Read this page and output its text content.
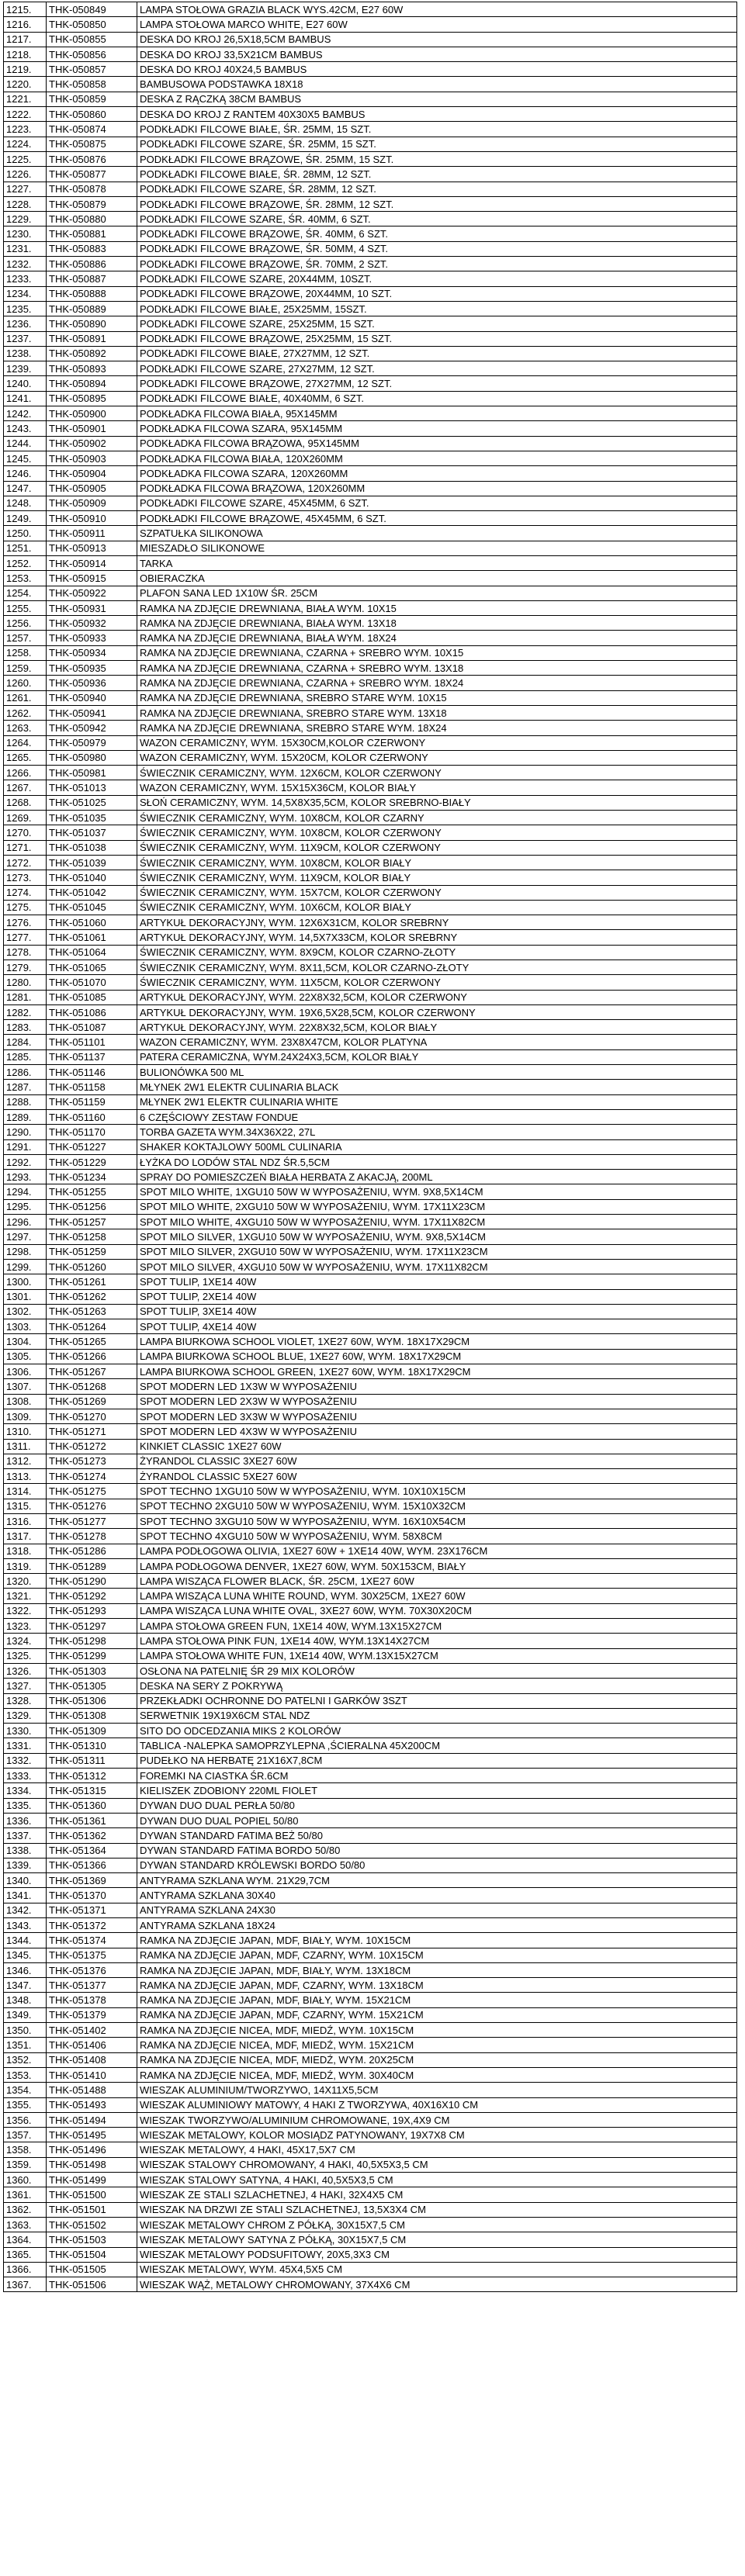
1215.	THK-050849	LAMPA STOŁOWA GRAZIA BLACK WYS.42CM, E27 60W
1216.	THK-050850	LAMPA STOŁOWA MARCO WHITE, E27 60W
1217.	THK-050855	DESKA DO KROJ 26,5X18,5CM BAMBUS
1218.	THK-050856	DESKA DO KROJ 33,5X21CM BAMBUS
1219.	THK-050857	DESKA DO KROJ 40X24,5 BAMBUS
1220.	THK-050858	BAMBUSOWA PODSTAWKA 18X18
1221.	THK-050859	DESKA Z RĄCZKĄ 38CM BAMBUS
1222.	THK-050860	DESKA DO KROJ Z RANTEM 40X30X5 BAMBUS
1223.	THK-050874	PODKŁADKI FILCOWE BIAŁE, ŚR. 25MM, 15 SZT.
1224.	THK-050875	PODKŁADKI FILCOWE SZARE, ŚR. 25MM, 15 SZT.
1225.	THK-050876	PODKŁADKI FILCOWE BRĄZOWE, ŚR. 25MM, 15 SZT.
1226.	THK-050877	PODKŁADKI FILCOWE BIAŁE, ŚR. 28MM, 12 SZT.
1227.	THK-050878	PODKŁADKI FILCOWE SZARE, ŚR. 28MM, 12 SZT.
1228.	THK-050879	PODKŁADKI FILCOWE BRĄZOWE, ŚR. 28MM, 12 SZT.
1229.	THK-050880	PODKŁADKI FILCOWE SZARE, ŚR. 40MM, 6 SZT.
1230.	THK-050881	PODKŁADKI FILCOWE BRĄZOWE, ŚR. 40MM, 6 SZT.
1231.	THK-050883	PODKŁADKI FILCOWE BRĄZOWE, ŚR. 50MM, 4 SZT.
1232.	THK-050886	PODKŁADKI FILCOWE BRĄZOWE, ŚR. 70MM, 2 SZT.
1233.	THK-050887	PODKŁADKI FILCOWE SZARE, 20X44MM, 10SZT.
1234.	THK-050888	PODKŁADKI FILCOWE BRĄZOWE, 20X44MM, 10 SZT.
1235.	THK-050889	PODKŁADKI FILCOWE BIAŁE, 25X25MM, 15SZT.
1236.	THK-050890	PODKŁADKI FILCOWE SZARE, 25X25MM, 15 SZT.
1237.	THK-050891	PODKŁADKI FILCOWE BRĄZOWE, 25X25MM, 15 SZT.
1238.	THK-050892	PODKŁADKI FILCOWE BIAŁE, 27X27MM, 12 SZT.
1239.	THK-050893	PODKŁADKI FILCOWE SZARE, 27X27MM, 12 SZT.
1240.	THK-050894	PODKŁADKI FILCOWE BRĄZOWE, 27X27MM, 12 SZT.
1241.	THK-050895	PODKŁADKI FILCOWE BIAŁE, 40X40MM, 6 SZT.
1242.	THK-050900	PODKŁADKA FILCOWA BIAŁA, 95X145MM
1243.	THK-050901	PODKŁADKA FILCOWA SZARA, 95X145MM
1244.	THK-050902	PODKŁADKA FILCOWA BRĄZOWA, 95X145MM
1245.	THK-050903	PODKŁADKA FILCOWA BIAŁA, 120X260MM
1246.	THK-050904	PODKŁADKA FILCOWA SZARA, 120X260MM
1247.	THK-050905	PODKŁADKA FILCOWA BRĄZOWA, 120X260MM
1248.	THK-050909	PODKŁADKI FILCOWE SZARE, 45X45MM, 6 SZT.
1249.	THK-050910	PODKŁADKI FILCOWE BRĄZOWE, 45X45MM, 6 SZT.
1250.	THK-050911	SZPATUŁKA SILIKONOWA
1251.	THK-050913	MIESZADŁO SILIKONOWE
1252.	THK-050914	TARKA
1253.	THK-050915	OBIERACZKA
1254.	THK-050922	PLAFON SANA LED 1X10W ŚR. 25CM
1255.	THK-050931	RAMKA NA ZDJĘCIE DREWNIANA, BIAŁA WYM. 10X15
1256.	THK-050932	RAMKA NA ZDJĘCIE DREWNIANA, BIAŁA WYM. 13X18
1257.	THK-050933	RAMKA NA ZDJĘCIE DREWNIANA, BIAŁA WYM. 18X24
1258.	THK-050934	RAMKA NA ZDJĘCIE DREWNIANA, CZARNA + SREBRO WYM. 10X15
1259.	THK-050935	RAMKA NA ZDJĘCIE DREWNIANA, CZARNA + SREBRO WYM. 13X18
1260.	THK-050936	RAMKA NA ZDJĘCIE DREWNIANA, CZARNA + SREBRO WYM. 18X24
1261.	THK-050940	RAMKA NA ZDJĘCIE DREWNIANA, SREBRO STARE WYM. 10X15
1262.	THK-050941	RAMKA NA ZDJĘCIE DREWNIANA, SREBRO STARE WYM. 13X18
1263.	THK-050942	RAMKA NA ZDJĘCIE DREWNIANA, SREBRO STARE WYM. 18X24
1264.	THK-050979	WAZON CERAMICZNY, WYM. 15X30CM,KOLOR CZERWONY
1265.	THK-050980	WAZON CERAMICZNY, WYM. 15X20CM, KOLOR CZERWONY
1266.	THK-050981	ŚWIECZNIK CERAMICZNY, WYM. 12X6CM, KOLOR CZERWONY
1267.	THK-051013	WAZON CERAMICZNY, WYM. 15X15X36CM, KOLOR BIAŁY
1268.	THK-051025	SŁOŃ CERAMICZNY, WYM. 14,5X8X35,5CM, KOLOR SREBRNO-BIAŁY
1269.	THK-051035	ŚWIECZNIK CERAMICZNY, WYM. 10X8CM, KOLOR CZARNY
1270.	THK-051037	ŚWIECZNIK CERAMICZNY, WYM. 10X8CM, KOLOR CZERWONY
1271.	THK-051038	ŚWIECZNIK CERAMICZNY, WYM. 11X9CM, KOLOR CZERWONY
1272.	THK-051039	ŚWIECZNIK CERAMICZNY, WYM. 10X8CM, KOLOR BIAŁY
1273.	THK-051040	ŚWIECZNIK CERAMICZNY, WYM. 11X9CM, KOLOR BIAŁY
1274.	THK-051042	ŚWIECZNIK CERAMICZNY, WYM. 15X7CM, KOLOR CZERWONY
1275.	THK-051045	ŚWIECZNIK CERAMICZNY, WYM. 10X6CM, KOLOR BIAŁY
1276.	THK-051060	ARTYKUŁ DEKORACYJNY, WYM. 12X6X31CM, KOLOR SREBRNY
1277.	THK-051061	ARTYKUŁ DEKORACYJNY, WYM. 14,5X7X33CM, KOLOR SREBRNY
1278.	THK-051064	ŚWIECZNIK CERAMICZNY, WYM. 8X9CM, KOLOR CZARNO-ZŁOTY
1279.	THK-051065	ŚWIECZNIK CERAMICZNY, WYM. 8X11,5CM, KOLOR CZARNO-ZŁOTY
1280.	THK-051070	ŚWIECZNIK CERAMICZNY, WYM. 11X5CM, KOLOR CZERWONY
1281.	THK-051085	ARTYKUŁ DEKORACYJNY, WYM. 22X8X32,5CM, KOLOR CZERWONY
1282.	THK-051086	ARTYKUŁ DEKORACYJNY, WYM. 19X6,5X28,5CM, KOLOR CZERWONY
1283.	THK-051087	ARTYKUŁ DEKORACYJNY, WYM. 22X8X32,5CM, KOLOR BIAŁY
1284.	THK-051101	WAZON CERAMICZNY, WYM. 23X8X47CM, KOLOR PLATYNA
1285.	THK-051137	PATERA CERAMICZNA, WYM.24X24X3,5CM, KOLOR BIAŁY
1286.	THK-051146	BULIONÓWKA 500 ML
1287.	THK-051158	MŁYNEK 2W1 ELEKTR CULINARIA BLACK
1288.	THK-051159	MŁYNEK 2W1 ELEKTR CULINARIA WHITE
1289.	THK-051160	6 CZĘŚCIOWY ZESTAW FONDUE
1290.	THK-051170	TORBA GAZETA WYM.34X36X22, 27L
1291.	THK-051227	SHAKER KOKTAJLOWY 500ML CULINARIA
1292.	THK-051229	ŁYŻKA DO LODÓW STAL NDZ ŚR.5,5CM
1293.	THK-051234	SPRAY DO POMIESZCZEŃ BIAŁA HERBATA Z AKACJĄ, 200ML
1294.	THK-051255	SPOT MILO WHITE, 1XGU10 50W W WYPOSAŻENIU, WYM. 9X8,5X14CM
1295.	THK-051256	SPOT MILO WHITE, 2XGU10 50W W WYPOSAŻENIU, WYM. 17X11X23CM
1296.	THK-051257	SPOT MILO WHITE, 4XGU10 50W W WYPOSAŻENIU, WYM. 17X11X82CM
1297.	THK-051258	SPOT MILO SILVER, 1XGU10 50W W WYPOSAŻENIU, WYM. 9X8,5X14CM
1298.	THK-051259	SPOT MILO SILVER, 2XGU10 50W W WYPOSAŻENIU, WYM. 17X11X23CM
1299.	THK-051260	SPOT MILO SILVER, 4XGU10 50W W WYPOSAŻENIU, WYM. 17X11X82CM
1300.	THK-051261	SPOT TULIP, 1XE14 40W
1301.	THK-051262	SPOT TULIP, 2XE14 40W
1302.	THK-051263	SPOT TULIP, 3XE14 40W
1303.	THK-051264	SPOT TULIP, 4XE14 40W
1304.	THK-051265	LAMPA BIURKOWA SCHOOL VIOLET, 1XE27 60W, WYM. 18X17X29CM
1305.	THK-051266	LAMPA BIURKOWA SCHOOL BLUE, 1XE27 60W, WYM. 18X17X29CM
1306.	THK-051267	LAMPA BIURKOWA SCHOOL GREEN, 1XE27 60W, WYM. 18X17X29CM
1307.	THK-051268	SPOT MODERN LED 1X3W W WYPOSAŻENIU
1308.	THK-051269	SPOT MODERN LED 2X3W W WYPOSAŻENIU
1309.	THK-051270	SPOT MODERN LED 3X3W W WYPOSAŻENIU
1310.	THK-051271	SPOT MODERN LED 4X3W W WYPOSAŻENIU
1311.	THK-051272	KINKIET CLASSIC 1XE27 60W
1312.	THK-051273	ŻYRANDOL CLASSIC 3XE27 60W
1313.	THK-051274	ŻYRANDOL CLASSIC 5XE27 60W
1314.	THK-051275	SPOT TECHNO 1XGU10 50W W WYPOSAŻENIU, WYM. 10X10X15CM
1315.	THK-051276	SPOT TECHNO 2XGU10 50W W WYPOSAŻENIU, WYM. 15X10X32CM
1316.	THK-051277	SPOT TECHNO 3XGU10 50W W WYPOSAŻENIU, WYM. 16X10X54CM
1317.	THK-051278	SPOT TECHNO 4XGU10 50W W WYPOSAŻENIU, WYM. 58X8CM
1318.	THK-051286	LAMPA PODŁOGOWA OLIVIA, 1XE27 60W + 1XE14 40W, WYM. 23X176CM
1319.	THK-051289	LAMPA PODŁOGOWA DENVER, 1XE27 60W, WYM. 50X153CM, BIAŁY
1320.	THK-051290	LAMPA WISZĄCA FLOWER BLACK, ŚR. 25CM, 1XE27 60W
1321.	THK-051292	LAMPA WISZĄCA LUNA WHITE ROUND, WYM. 30X25CM, 1XE27 60W
1322.	THK-051293	LAMPA WISZĄCA LUNA WHITE OVAL, 3XE27 60W, WYM. 70X30X20CM
1323.	THK-051297	LAMPA STOŁOWA GREEN FUN, 1XE14 40W, WYM.13X15X27CM
1324.	THK-051298	LAMPA STOŁOWA PINK FUN, 1XE14 40W, WYM.13X14X27CM
1325.	THK-051299	LAMPA STOŁOWA WHITE FUN, 1XE14 40W, WYM.13X15X27CM
1326.	THK-051303	OSŁONA NA PATELNIĘ ŚR 29 MIX KOLORÓW
1327.	THK-051305	DESKA NA SERY Z POKRYWĄ
1328.	THK-051306	PRZEKŁADKI OCHRONNE DO PATELNI I GARKÓW 3SZT
1329.	THK-051308	SERWETNIK 19X19X6CM STAL NDZ
1330.	THK-051309	SITO DO ODCEDZANIA MIKS 2 KOLORÓW
1331.	THK-051310	TABLICA -NALEPKA SAMOPRZYLEPNA ,ŚCIERALNA 45X200CM
1332.	THK-051311	PUDEŁKO NA HERBATĘ 21X16X7,8CM
1333.	THK-051312	FOREMKI NA CIASTKA ŚR.6CM
1334.	THK-051315	KIELISZEK ZDOBIONY 220ML FIOLET
1335.	THK-051360	DYWAN DUO DUAL PERŁA 50/80
1336.	THK-051361	DYWAN DUO DUAL POPIEL 50/80
1337.	THK-051362	DYWAN STANDARD FATIMA BEŻ 50/80
1338.	THK-051364	DYWAN STANDARD FATIMA BORDO 50/80
1339.	THK-051366	DYWAN STANDARD KRÓLEWSKI BORDO 50/80
1340.	THK-051369	ANTYRAMA SZKLANA WYM. 21X29,7CM
1341.	THK-051370	ANTYRAMA SZKLANA 30X40
1342.	THK-051371	ANTYRAMA SZKLANA 24X30
1343.	THK-051372	ANTYRAMA SZKLANA 18X24
1344.	THK-051374	RAMKA NA ZDJĘCIE JAPAN, MDF, BIAŁY, WYM. 10X15CM
1345.	THK-051375	RAMKA NA ZDJĘCIE JAPAN, MDF, CZARNY, WYM. 10X15CM
1346.	THK-051376	RAMKA NA ZDJĘCIE JAPAN, MDF, BIAŁY, WYM. 13X18CM
1347.	THK-051377	RAMKA NA ZDJĘCIE JAPAN, MDF, CZARNY, WYM. 13X18CM
1348.	THK-051378	RAMKA NA ZDJĘCIE JAPAN, MDF, BIAŁY, WYM. 15X21CM
1349.	THK-051379	RAMKA NA ZDJĘCIE JAPAN, MDF, CZARNY, WYM. 15X21CM
1350.	THK-051402	RAMKA NA ZDJĘCIE NICEA, MDF, MIEDŹ, WYM. 10X15CM
1351.	THK-051406	RAMKA NA ZDJĘCIE NICEA, MDF, MIEDŹ, WYM. 15X21CM
1352.	THK-051408	RAMKA NA ZDJĘCIE NICEA, MDF, MIEDŹ, WYM. 20X25CM
1353.	THK-051410	RAMKA NA ZDJĘCIE NICEA, MDF, MIEDŹ, WYM. 30X40CM
1354.	THK-051488	WIESZAK ALUMINIUM/TWORZYWO, 14X11X5,5CM
1355.	THK-051493	WIESZAK ALUMINIOWY MATOWY, 4 HAKI Z TWORZYWA, 40X16X10 CM
1356.	THK-051494	WIESZAK TWORZYWO/ALUMINIUM CHROMOWANE, 19X,4X9 CM
1357.	THK-051495	WIESZAK METALOWY, KOLOR MOSIĄDZ PATYNOWANY, 19X7X8 CM
1358.	THK-051496	WIESZAK METALOWY, 4 HAKI, 45X17,5X7 CM
1359.	THK-051498	WIESZAK STALOWY CHROMOWANY, 4 HAKI, 40,5X5X3,5 CM
1360.	THK-051499	WIESZAK STALOWY SATYNA, 4 HAKI, 40,5X5X3,5 CM
1361.	THK-051500	WIESZAK ZE STALI SZLACHETNEJ, 4 HAKI, 32X4X5 CM
1362.	THK-051501	WIESZAK NA DRZWI ZE STALI SZLACHETNEJ, 13,5X3X4 CM
1363.	THK-051502	WIESZAK METALOWY CHROM Z PÓŁKĄ, 30X15X7,5 CM
1364.	THK-051503	WIESZAK METALOWY SATYNA Z PÓŁKĄ, 30X15X7,5 CM
1365.	THK-051504	WIESZAK METALOWY PODSUFITOWY, 20X5,3X3 CM
1366.	THK-051505	WIESZAK METALOWY, WYM. 45X4,5X5 CM
1367.	THK-051506	WIESZAK WĄŻ, METALOWY CHROMOWANY, 37X4X6 CM
